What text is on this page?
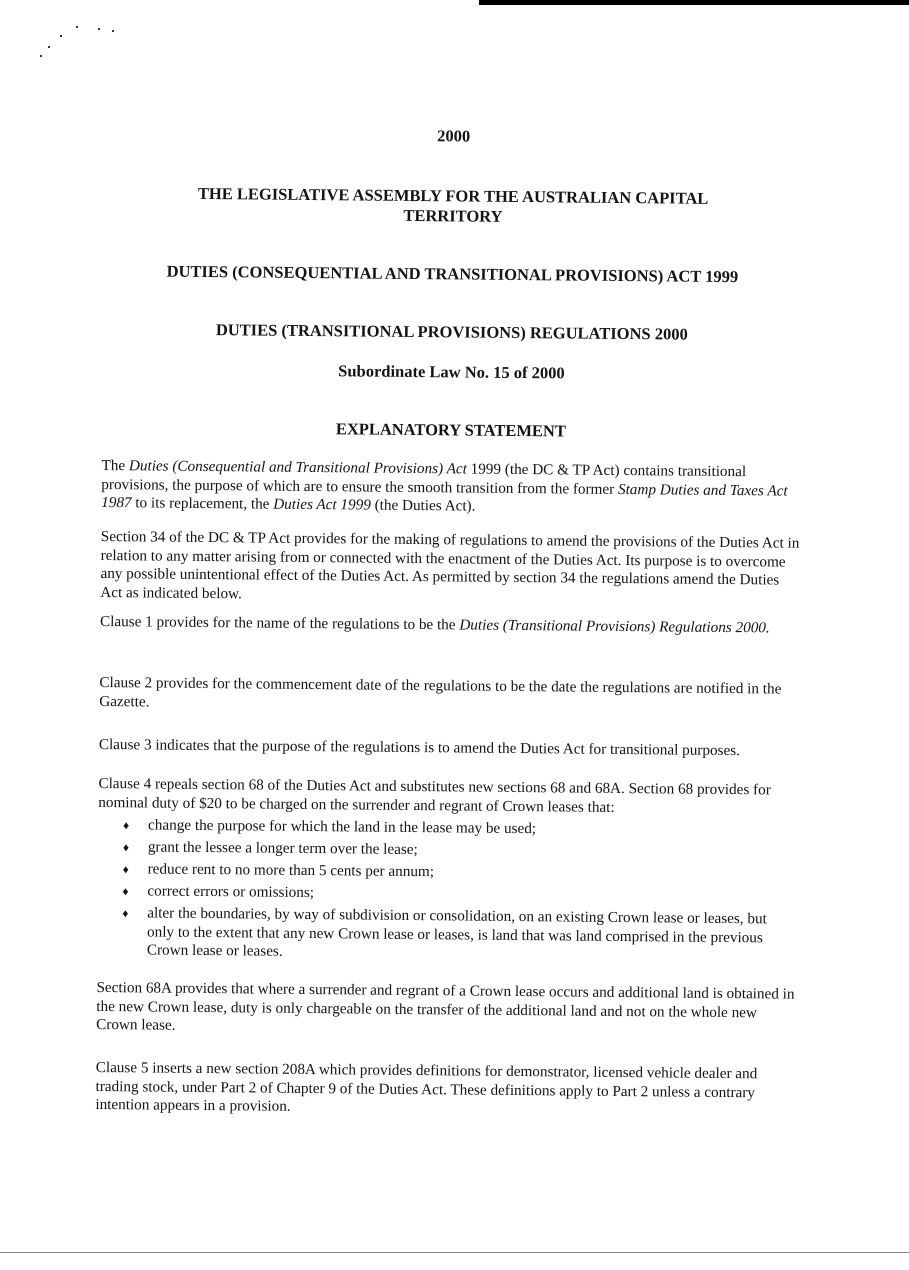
2000
THE LEGISLATIVE ASSEMBLY FOR THE AUSTRALIAN CAPITAL TERRITORY
DUTIES (CONSEQUENTIAL AND TRANSITIONAL PROVISIONS) ACT 1999
DUTIES (TRANSITIONAL PROVISIONS) REGULATIONS 2000
Subordinate Law No. 15 of 2000
EXPLANATORY STATEMENT
The Duties (Consequential and Transitional Provisions) Act 1999 (the DC & TP Act) contains transitional provisions, the purpose of which are to ensure the smooth transition from the former Stamp Duties and Taxes Act 1987 to its replacement, the Duties Act 1999 (the Duties Act).
Section 34 of the DC & TP Act provides for the making of regulations to amend the provisions of the Duties Act in relation to any matter arising from or connected with the enactment of the Duties Act. Its purpose is to overcome any possible unintentional effect of the Duties Act. As permitted by section 34 the regulations amend the Duties Act as indicated below.
Clause 1 provides for the name of the regulations to be the Duties (Transitional Provisions) Regulations 2000.
Clause 2 provides for the commencement date of the regulations to be the date the regulations are notified in the Gazette.
Clause 3 indicates that the purpose of the regulations is to amend the Duties Act for transitional purposes.
Clause 4 repeals section 68 of the Duties Act and substitutes new sections 68 and 68A. Section 68 provides for nominal duty of $20 to be charged on the surrender and regrant of Crown leases that:
♦ change the purpose for which the land in the lease may be used;
♦ grant the lessee a longer term over the lease;
♦ reduce rent to no more than 5 cents per annum;
♦ correct errors or omissions;
♦ alter the boundaries, by way of subdivision or consolidation, on an existing Crown lease or leases, but only to the extent that any new Crown lease or leases, is land that was land comprised in the previous Crown lease or leases.
Section 68A provides that where a surrender and regrant of a Crown lease occurs and additional land is obtained in the new Crown lease, duty is only chargeable on the transfer of the additional land and not on the whole new Crown lease.
Clause 5 inserts a new section 208A which provides definitions for demonstrator, licensed vehicle dealer and trading stock, under Part 2 of Chapter 9 of the Duties Act. These definitions apply to Part 2 unless a contrary intention appears in a provision.
